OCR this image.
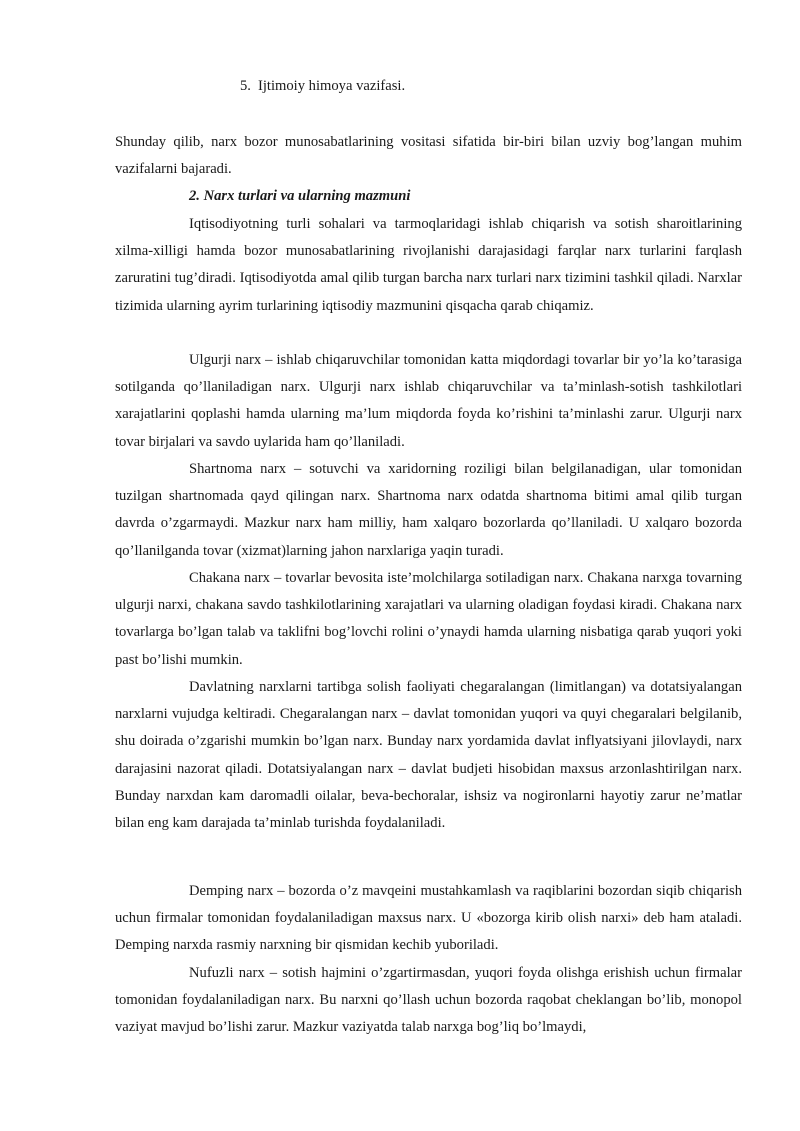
5. Ijtimoiy himoya vazifasi.

Shunday qilib, narx bozor munosabatlarining vositasi sifatida bir-biri bilan uzviy bog’langan muhim vazifalarni bajaradi.

2. Narx turlari va ularning mazmuni

Iqtisodiyotning turli sohalari va tarmoqlaridagi ishlab chiqarish va sotish sharoitlarining xilma-xilligi hamda bozor munosabatlarining rivojlanishi darajasidagi farqlar narx turlarini farqlash zaruratini tug’diradi. Iqtisodiyotda amal qilib turgan barcha narx turlari narx tizimini tashkil qiladi. Narxlar tizimida ularning ayrim turlarining iqtisodiy mazmunini qisqacha qarab chiqamiz.

Ulgurji narx – ishlab chiqaruvchilar tomonidan katta miqdordagi tovarlar bir yo’la ko’tarasiga sotilganda qo’llaniladigan narx. Ulgurji narx ishlab chiqaruvchilar va ta’minlash-sotish tashkilotlari xarajatlarini qoplashi hamda ularning ma’lum miqdorda foyda ko’rishini ta’minlashi zarur. Ulgurji narx tovar birjalari va savdo uylarida ham qo’llaniladi.

Shartnoma narx – sotuvchi va xaridorning roziligi bilan belgilanadigan, ular tomonidan tuzilgan shartnomada qayd qilingan narx. Shartnoma narx odatda shartnoma bitimi amal qilib turgan davrda o’zgarmaydi. Mazkur narx ham milliy, ham xalqaro bozorlarda qo’llaniladi. U xalqaro bozorda qo’llanilganda tovar (xizmat)larning jahon narxlariga yaqin turadi.

Chakana narx – tovarlar bevosita iste’molchilarga sotiladigan narx. Chakana narxga tovarning ulgurji narxi, chakana savdo tashkilotlarining xarajatlari va ularning oladigan foydasi kiradi. Chakana narx tovarlarga bo’lgan talab va taklifni bog’lovchi rolini o’ynaydi hamda ularning nisbatiga qarab yuqori yoki past bo’lishi mumkin.

Davlatning narxlarni tartibga solish faoliyati chegaralangan (limitlangan) va dotatsiyalangan narxlarni vujudga keltiradi. Chegaralangan narx – davlat tomonidan yuqori va quyi chegaralari belgilanib, shu doirada o’zgarishi mumkin bo’lgan narx. Bunday narx yordamida davlat inflyatsiyani jilovlaydi, narx darajasini nazorat qiladi. Dotatsiyalangan narx – davlat budjeti hisobidan maxsus arzonlashtirilgan narx. Bunday narxdan kam daromadli oilalar, beva-bechoralar, ishsiz va nogironlarni hayotiy zarur ne’matlar bilan eng kam darajada ta’minlab turishda foydalaniladi.

Demping narx – bozorda o’z mavqeini mustahkamlash va raqiblarini bozordan siqib chiqarish uchun firmalar tomonidan foydalaniladigan maxsus narx. U «bozorga kirib olish narxi» deb ham ataladi. Demping narxda rasmiy narxning bir qismidan kechib yuboriladi.

Nufuzli narx – sotish hajmini o’zgartirmasdan, yuqori foyda olishga erishish uchun firmalar tomonidan foydalaniladigan narx. Bu narxni qo’llash uchun bozorda raqobat cheklangan bo’lib, monopol vaziyat mavjud bo’lishi zarur. Mazkur vaziyatda talab narxga bog’liq bo’lmaydi,
